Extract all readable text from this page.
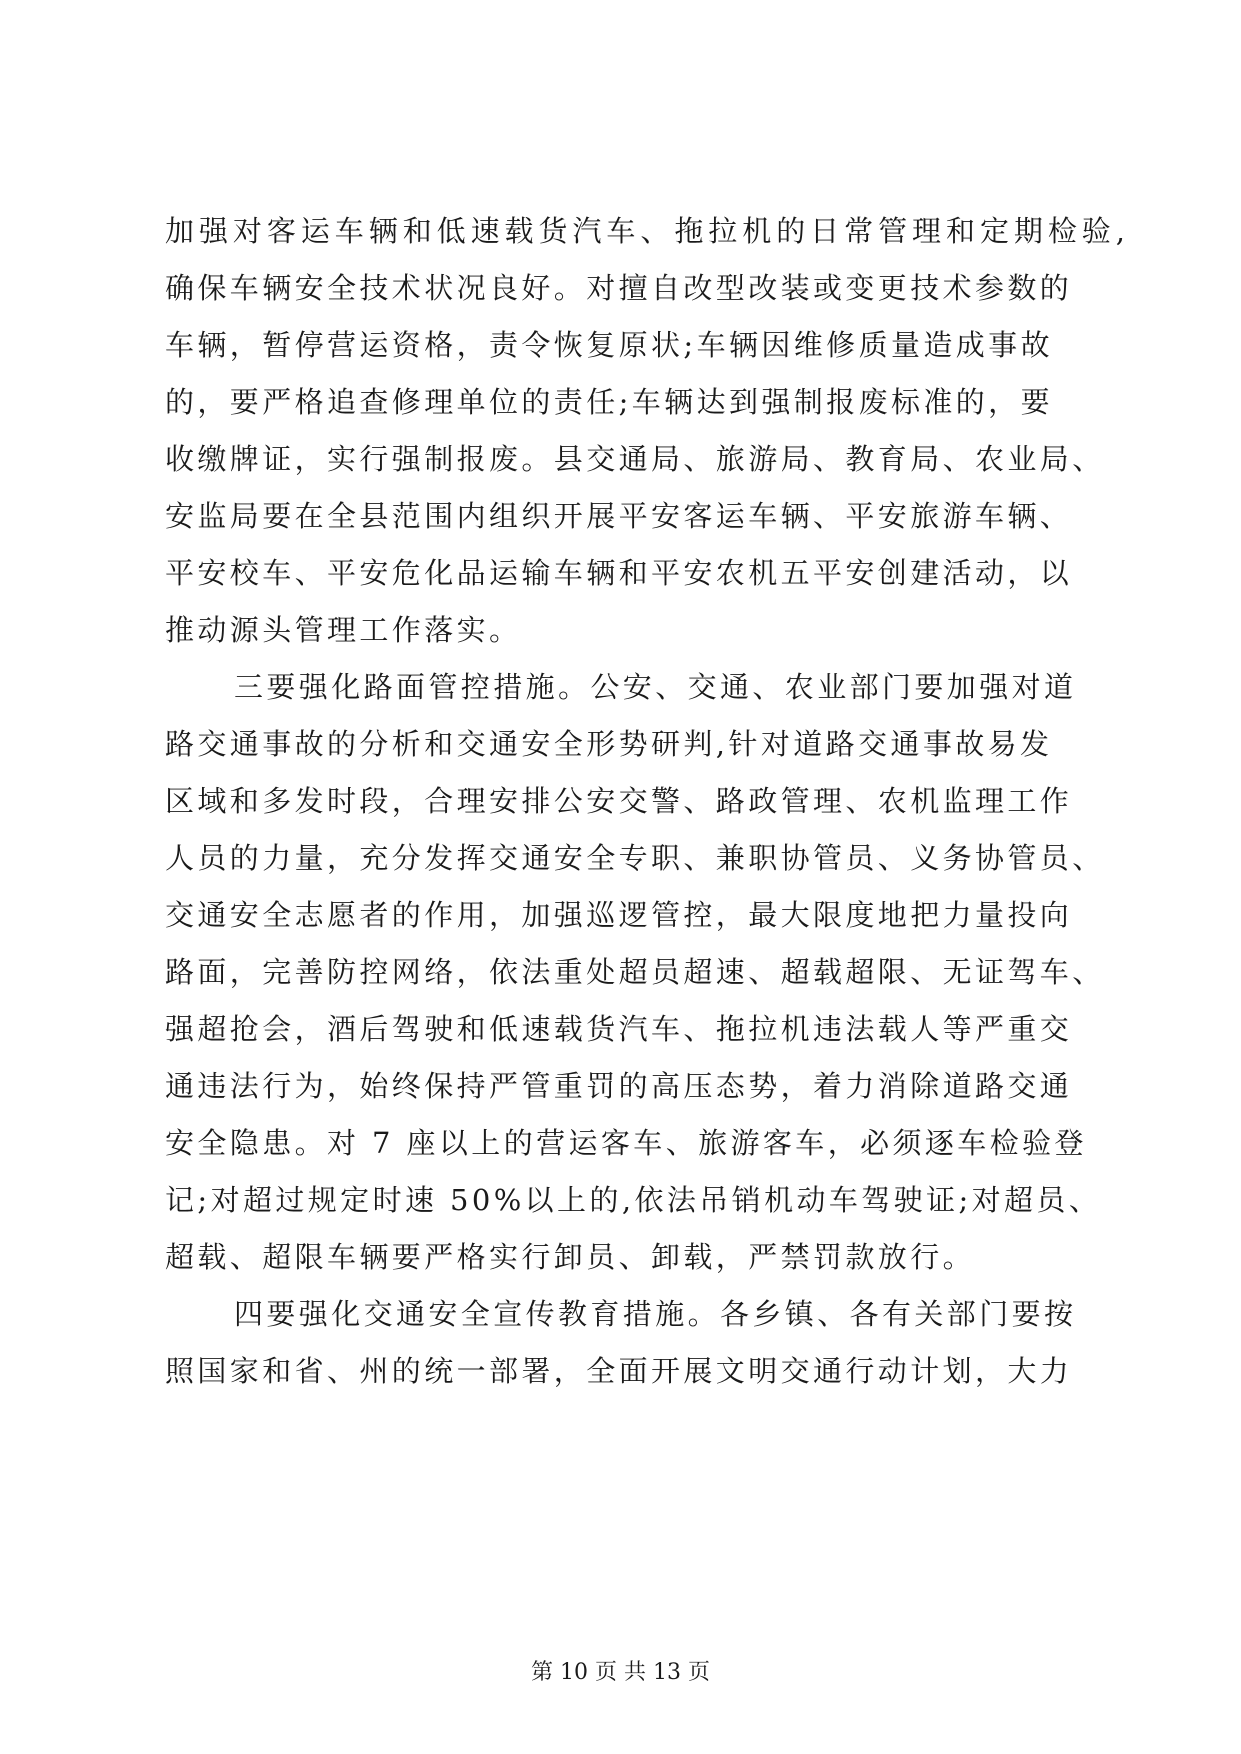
加强对客运车辆和低速载货汽车、拖拉机的日常管理和定期检验,
确保车辆安全技术状况良好。对擅自改型改装或变更技术参数的
车辆，暂停营运资格，责令恢复原状;车辆因维修质量造成事故
的，要严格追查修理单位的责任;车辆达到强制报废标准的，要
收缴牌证，实行强制报废。县交通局、旅游局、教育局、农业局、
安监局要在全县范围内组织开展平安客运车辆、平安旅游车辆、
平安校车、平安危化品运输车辆和平安农机五平安创建活动，以
推动源头管理工作落实。
三要强化路面管控措施。公安、交通、农业部门要加强对道
路交通事故的分析和交通安全形势研判,针对道路交通事故易发
区域和多发时段，合理安排公安交警、路政管理、农机监理工作
人员的力量，充分发挥交通安全专职、兼职协管员、义务协管员、
交通安全志愿者的作用，加强巡逻管控，最大限度地把力量投向
路面，完善防控网络，依法重处超员超速、超载超限、无证驾车、
强超抢会，酒后驾驶和低速载货汽车、拖拉机违法载人等严重交
通违法行为，始终保持严管重罚的高压态势，着力消除道路交通
安全隐患。对 7 座以上的营运客车、旅游客车，必须逐车检验登
记;对超过规定时速 50%以上的,依法吊销机动车驾驶证;对超员、
超载、超限车辆要严格实行卸员、卸载，严禁罚款放行。
四要强化交通安全宣传教育措施。各乡镇、各有关部门要按
照国家和省、州的统一部署，全面开展文明交通行动计划，大力
第 10 页 共 13 页
